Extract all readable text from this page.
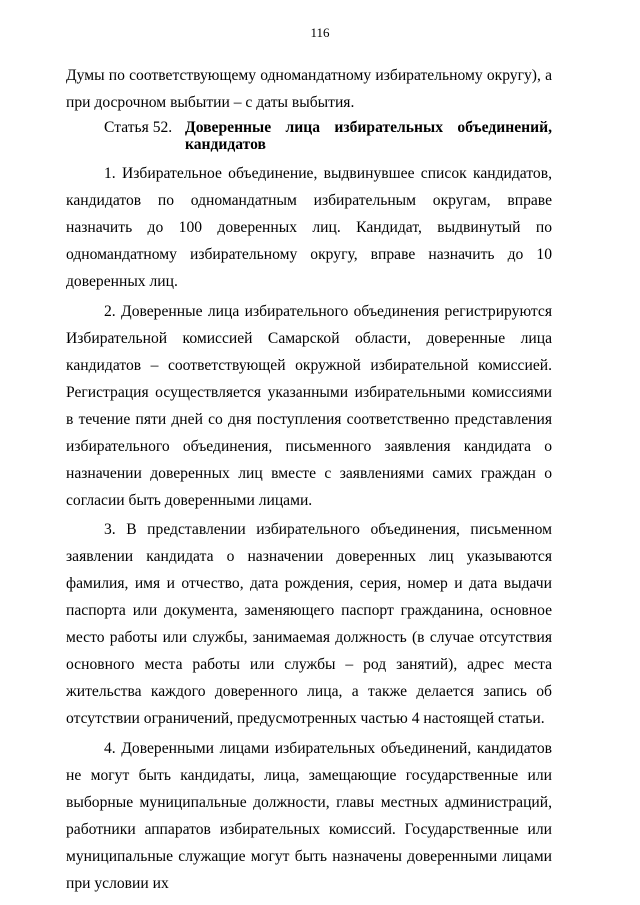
116

Думы по соответствующему одномандатному избирательному округу), а при досрочном выбытии – с даты выбытия.

Статья 52. Доверенные лица избирательных объединений, кандидатов

1. Избирательное объединение, выдвинувшее список кандидатов, кандидатов по одномандатным избирательным округам, вправе назначить до 100 доверенных лиц. Кандидат, выдвинутый по одномандатному избирательному округу, вправе назначить до 10 доверенных лиц.

2. Доверенные лица избирательного объединения регистрируются Избирательной комиссией Самарской области, доверенные лица кандидатов – соответствующей окружной избирательной комиссией. Регистрация осуществляется указанными избирательными комиссиями в течение пяти дней со дня поступления соответственно представления избирательного объединения, письменного заявления кандидата о назначении доверенных лиц вместе с заявлениями самих граждан о согласии быть доверенными лицами.

3. В представлении избирательного объединения, письменном заявлении кандидата о назначении доверенных лиц указываются фамилия, имя и отчество, дата рождения, серия, номер и дата выдачи паспорта или документа, заменяющего паспорт гражданина, основное место работы или службы, занимаемая должность (в случае отсутствия основного места работы или службы – род занятий), адрес места жительства каждого доверенного лица, а также делается запись об отсутствии ограничений, предусмотренных частью 4 настоящей статьи.

4. Доверенными лицами избирательных объединений, кандидатов не могут быть кандидаты, лица, замещающие государственные или выборные муниципальные должности, главы местных администраций, работники аппаратов избирательных комиссий. Государственные или муниципальные служащие могут быть назначены доверенными лицами при условии их
